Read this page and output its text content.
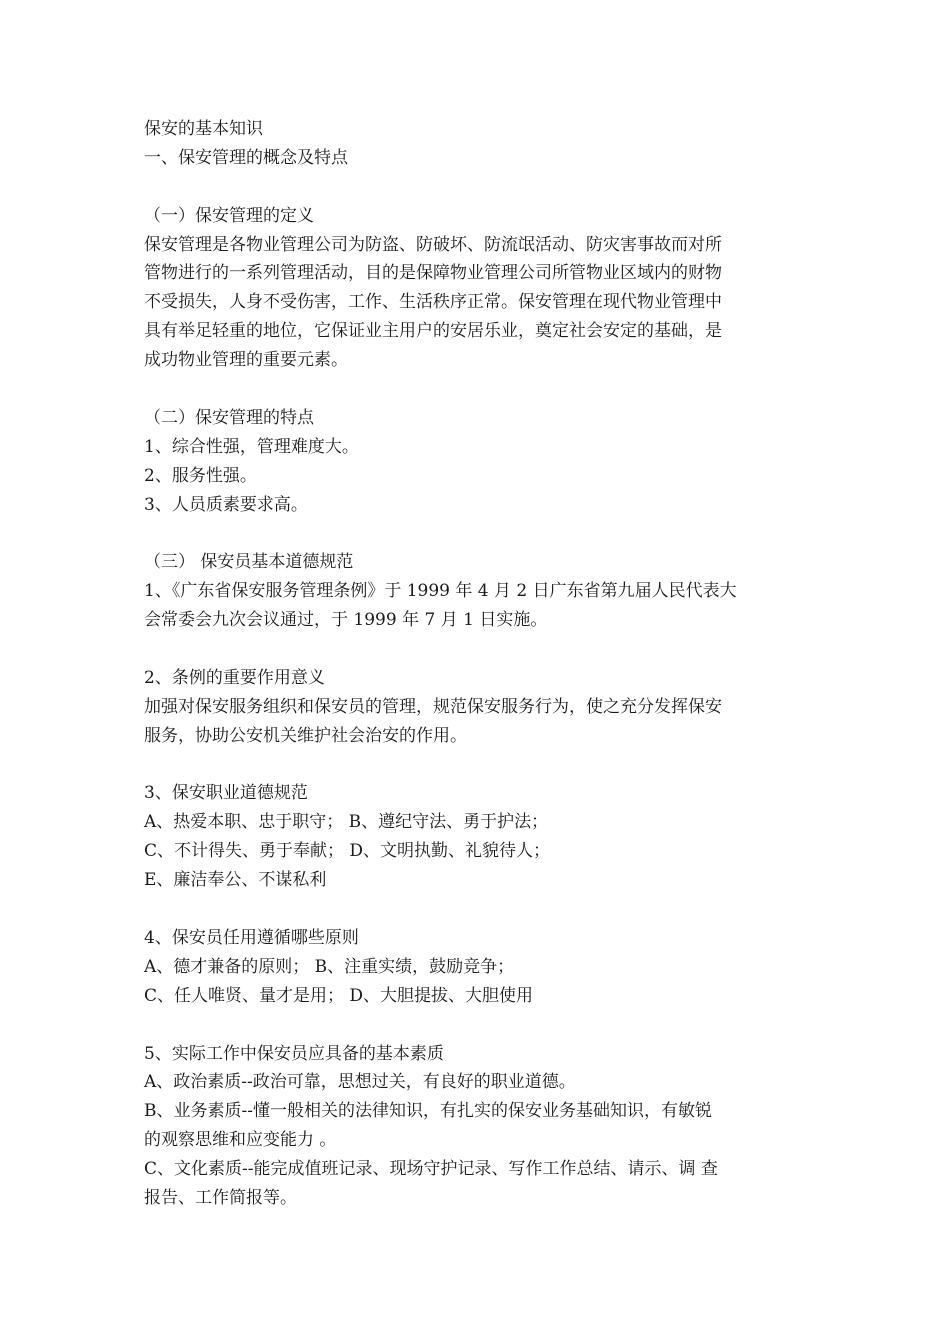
保安的基本知识
一、保安管理的概念及特点
（一）保安管理的定义
保安管理是各物业管理公司为防盗、防破坏、防流氓活动、防灾害事故而对所
管物进行的一系列管理活动，目的是保障物业管理公司所管物业区域内的财物
不受损失，人身不受伤害，工作、生活秩序正常。保安管理在现代物业管理中
具有举足轻重的地位，它保证业主用户的安居乐业，奠定社会安定的基础，是
成功物业管理的重要元素。
（二）保安管理的特点
1、综合性强，管理难度大。
2、服务性强。
3、人员质素要求高。
（三） 保安员基本道德规范
1、《广东省保安服务管理条例》于 1999 年 4 月 2 日广东省第九届人民代表大
会常委会九次会议通过，于 1999 年 7 月 1 日实施。
2、条例的重要作用意义
加强对保安服务组织和保安员的管理，规范保安服务行为，使之充分发挥保安
服务，协助公安机关维护社会治安的作用。
3、保安职业道德规范
A、热爱本职、忠于职守； B、遵纪守法、勇于护法；
C、不计得失、勇于奉献； D、文明执勤、礼貌待人；
E、廉洁奉公、不谋私利
4、保安员任用遵循哪些原则
A、德才兼备的原则； B、注重实绩，鼓励竞争；
C、任人唯贤、量才是用； D、大胆提拔、大胆使用
5、实际工作中保安员应具备的基本素质
A、政治素质--政治可靠，思想过关，有良好的职业道德。
B、业务素质--懂一般相关的法律知识，有扎实的保安业务基础知识，有敏锐
的观察思维和应变能力 。
C、文化素质--能完成值班记录、现场守护记录、写作工作总结、请示、调 查
报告、工作简报等。
